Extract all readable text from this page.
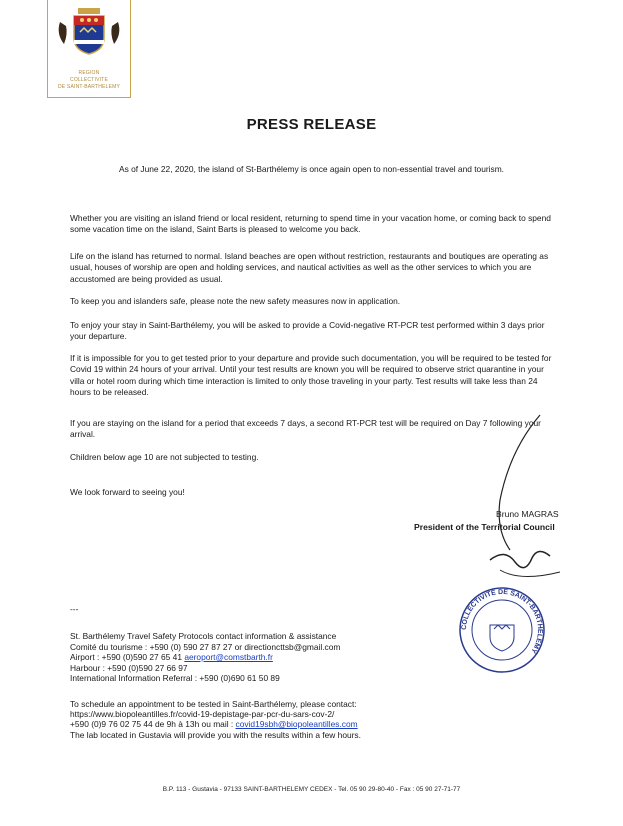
REGION
COLLECTIVITE
DE SAINT-BARTHELEMY
PRESS RELEASE
As of June 22, 2020, the island of St-Barthélemy is once again open to non-essential travel and tourism.

Whether you are visiting an island friend or local resident, returning to spend time in your vacation home, or coming back to spend some vacation time on the island, Saint Barts is pleased to welcome you back.

Life on the island has returned to normal. Island beaches are open without restriction, restaurants and boutiques are operating as usual, houses of worship are open and holding services, and nautical activities as well as the other services to which you are accustomed are being provided as usual.

To keep you and islanders safe, please note the new safety measures now in application.

To enjoy your stay in Saint-Barthélemy, you will be asked to provide a Covid-negative RT-PCR test performed within 3 days prior your departure.

If it is impossible for you to get tested prior to your departure and provide such documentation, you will be required to be tested for Covid 19 within 24 hours of your arrival. Until your test results are known you will be required to observe strict quarantine in your villa or hotel room during which time interaction is limited to only those traveling in your party. Test results will take less than 24 hours to be released.

If you are staying on the island for a period that exceeds 7 days, a second RT-PCR test will be required on Day 7 following your arrival.

Children below age 10 are not subjected to testing.

We look forward to seeing you!

Bruno MAGRAS
President of the Territorial Council
COLLECTIVITE DE SAINT-BARTHELEMY
---
St. Barthélemy Travel Safety Protocols contact information & assistance
Comité du tourisme : +590 (0) 590 27 87 27 or directioncttsb@gmail.com
Airport : +590 (0)590 27 65 41 aeroport@comstbarth.fr
Harbour : +590 (0)590 27 66 97
International Information Referral : +590 (0)690 61 50 89
To schedule an appointment to be tested in Saint-Barthélemy, please contact:
https://www.biopoleantilles.fr/covid-19-depistage-par-pcr-du-sars-cov-2/
+590 (0)9 76 02 75 44 de 9h à 13h ou mail : covid19sbh@biopoleantilles.com
The lab located in Gustavia will provide you with the results within a few hours.
B.P. 113 - Gustavia - 97133 SAINT-BARTHELEMY CEDEX - Tel. 05 90 29-80-40 - Fax : 05 90 27-71-77
